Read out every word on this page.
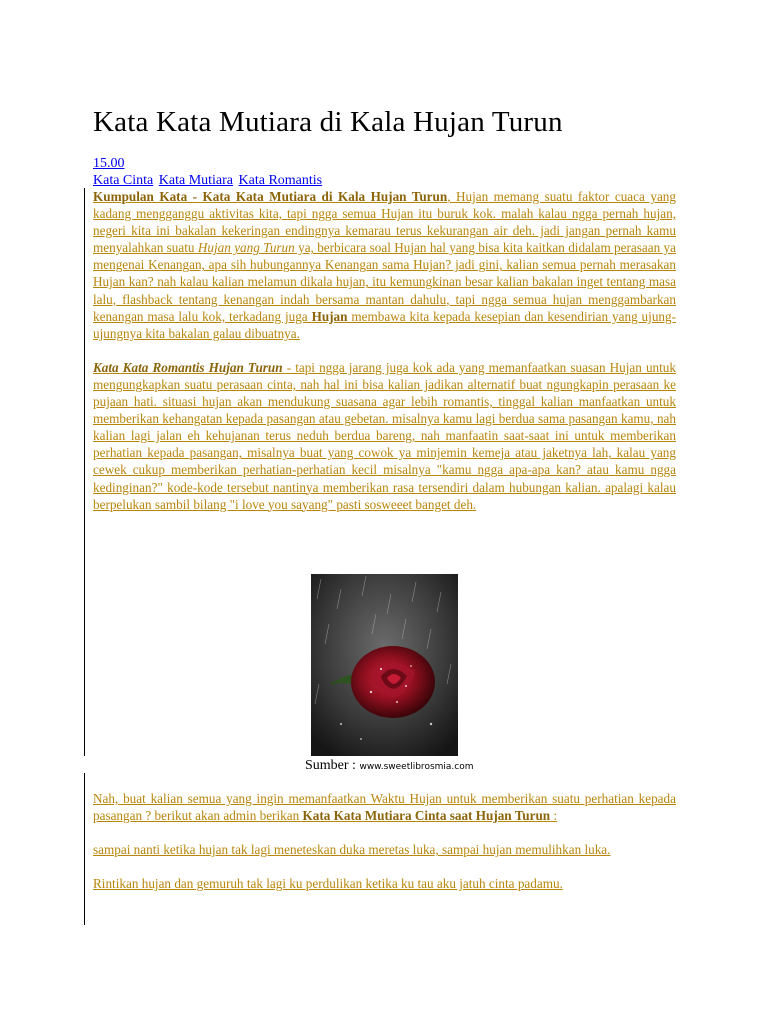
Kata Kata Mutiara di Kala Hujan Turun
15.00
Kata Cinta Kata Mutiara Kata Romantis

Kumpulan Kata - Kata Kata Mutiara di Kala Hujan Turun, Hujan memang suatu faktor cuaca yang kadang mengganggu aktivitas kita, tapi ngga semua Hujan itu buruk kok. malah kalau ngga pernah hujan, negeri kita ini bakalan kekeringan endingnya kemarau terus kekurangan air deh. jadi jangan pernah kamu menyalahkan suatu Hujan yang Turun ya, berbicara soal Hujan hal yang bisa kita kaitkan didalam perasaan ya mengenai Kenangan, apa sih hubungannya Kenangan sama Hujan? jadi gini, kalian semua pernah merasakan Hujan kan? nah kalau kalian melamun dikala hujan, itu kemungkinan besar kalian bakalan inget tentang masa lalu, flashback tentang kenangan indah bersama mantan dahulu, tapi ngga semua hujan menggambarkan kenangan masa lalu kok, terkadang juga Hujan membawa kita kepada kesepian dan kesendirian yang ujung-ujungnya kita bakalan galau dibuatnya.

Kata Kata Romantis Hujan Turun - tapi ngga jarang juga kok ada yang memanfaatkan suasan Hujan untuk mengungkapkan suatu perasaan cinta, nah hal ini bisa kalian jadikan alternatif buat ngungkapin perasaan ke pujaan hati. situasi hujan akan mendukung suasana agar lebih romantis, tinggal kalian manfaatkan untuk memberikan kehangatan kepada pasangan atau gebetan. misalnya kamu lagi berdua sama pasangan kamu, nah kalian lagi jalan eh kehujanan terus neduh berdua bareng, nah manfaatin saat-saat ini untuk memberikan perhatian kepada pasangan, misalnya buat yang cowok ya minjemin kemeja atau jaketnya lah, kalau yang cewek cukup memberikan perhatian-perhatian kecil misalnya "kamu ngga apa-apa kan? atau kamu ngga kedinginan?" kode-kode tersebut nantinya memberikan rasa tersendiri dalam hubungan kalian. apalagi kalau berpelukan sambil bilang "i love you sayang" pasti sosweeet banget deh.

Sumber : www.sweetlibrosmia.com

Nah, buat kalian semua yang ingin memanfaatkan Waktu Hujan untuk memberikan suatu perhatian kepada pasangan ? berikut akan admin berikan Kata Kata Mutiara Cinta saat Hujan Turun :

sampai nanti ketika hujan tak lagi meneteskan duka meretas luka, sampai hujan memulihkan luka.

Rintikan hujan dan gemuruh tak lagi ku perdulikan ketika ku tau aku jatuh cinta padamu.
